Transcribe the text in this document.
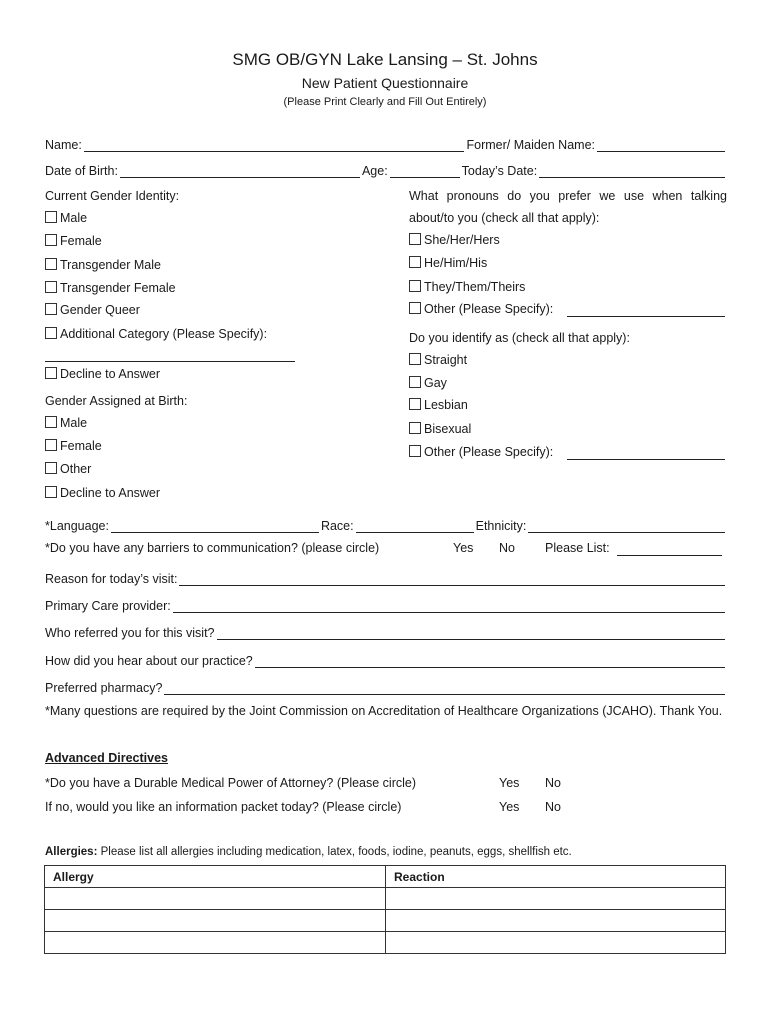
SMG OB/GYN Lake Lansing – St. Johns
New Patient Questionnaire
(Please Print Clearly and Fill Out Entirely)
Name:	Former/ Maiden Name:
Date of Birth:	Age:	Today’s Date:
Current Gender Identity:
Male
Female
Transgender Male
Transgender Female
Gender Queer
Additional Category (Please Specify):
Decline to Answer
Gender Assigned at Birth:
Male
Female
Other
Decline to Answer
What pronouns do you prefer we use when talking
about/to you (check all that apply):
She/Her/Hers
He/Him/His
They/Them/Theirs
Other (Please Specify):
Do you identify as (check all that apply):
Straight
Gay
Lesbian
Bisexual
Other (Please Specify):
*Language:	Race:	Ethnicity:
*Do you have any barriers to communication? (please circle)	Yes No Please List:
Reason for today’s visit:
Primary Care provider:
Who referred you for this visit?
How did you hear about our practice?
Preferred pharmacy?
*Many questions are required by the Joint Commission on Accreditation of Healthcare Organizations (JCAHO). Thank You.
Advanced Directives
*Do you have a Durable Medical Power of Attorney? (Please circle)	Yes No
If no, would you like an information packet today? (Please circle)	Yes No
Allergies: Please list all allergies including medication, latex, foods, iodine, peanuts, eggs, shellfish etc.
Allergy	Reaction
